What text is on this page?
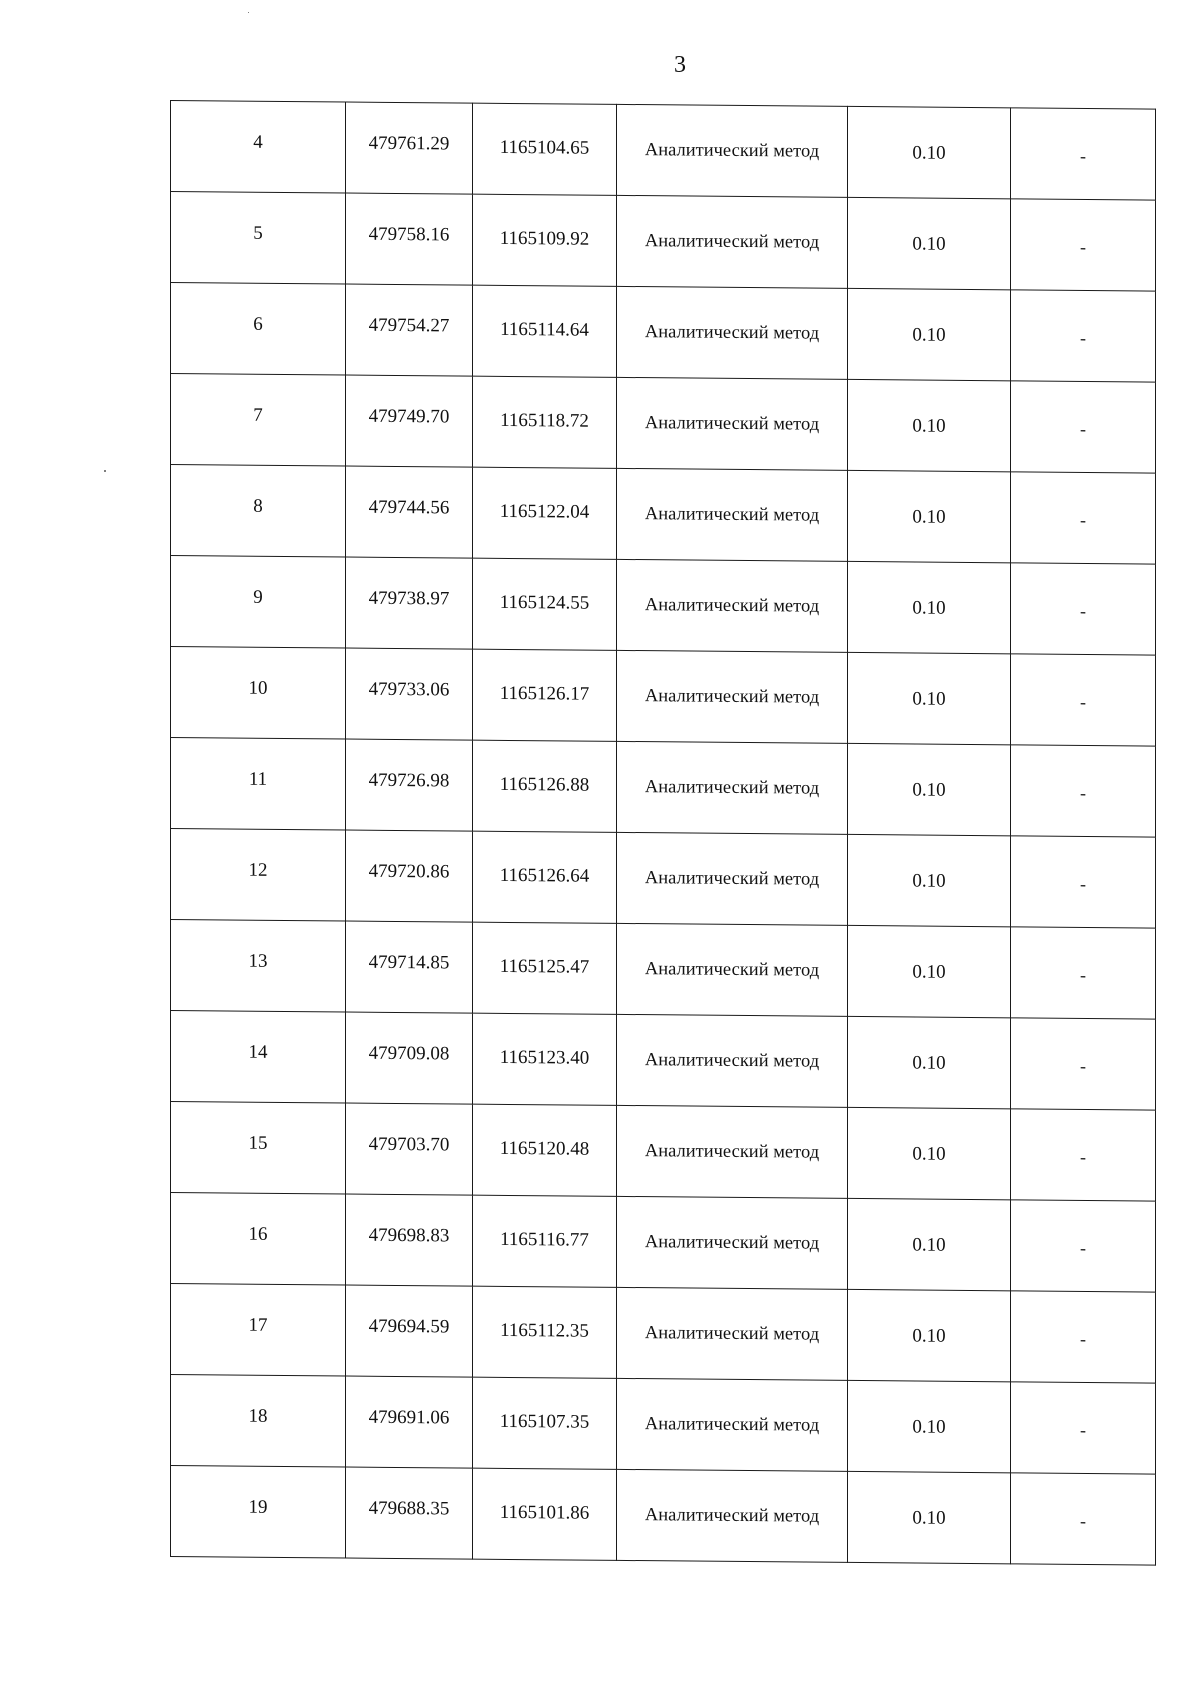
3
4	479761.29	1165104.65	Аналитический метод	0.10	-
5	479758.16	1165109.92	Аналитический метод	0.10	-
6	479754.27	1165114.64	Аналитический метод	0.10	-
7	479749.70	1165118.72	Аналитический метод	0.10	-
8	479744.56	1165122.04	Аналитический метод	0.10	-
9	479738.97	1165124.55	Аналитический метод	0.10	-
10	479733.06	1165126.17	Аналитический метод	0.10	-
11	479726.98	1165126.88	Аналитический метод	0.10	-
12	479720.86	1165126.64	Аналитический метод	0.10	-
13	479714.85	1165125.47	Аналитический метод	0.10	-
14	479709.08	1165123.40	Аналитический метод	0.10	-
15	479703.70	1165120.48	Аналитический метод	0.10	-
16	479698.83	1165116.77	Аналитический метод	0.10	-
17	479694.59	1165112.35	Аналитический метод	0.10	-
18	479691.06	1165107.35	Аналитический метод	0.10	-
19	479688.35	1165101.86	Аналитический метод	0.10	-
